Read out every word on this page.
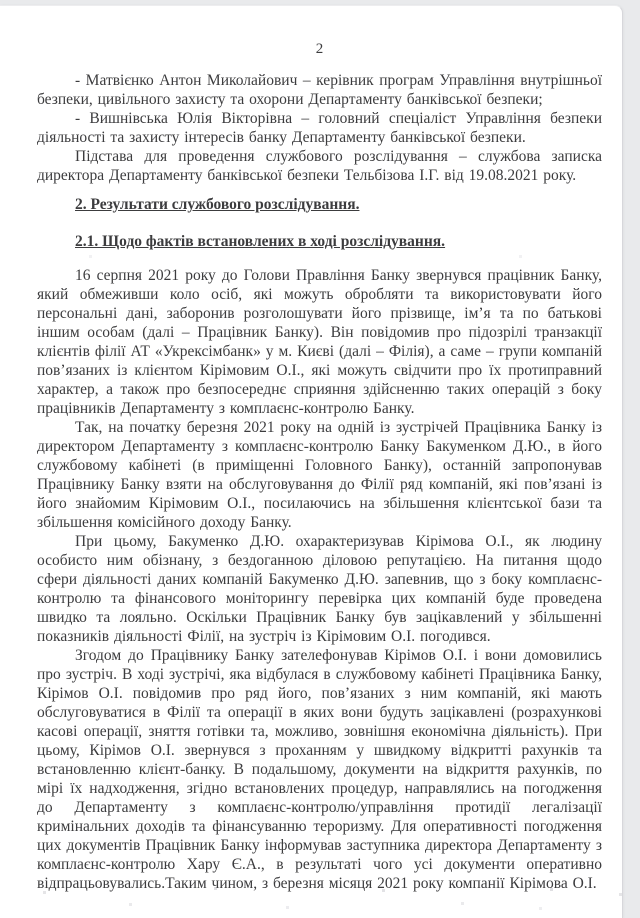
2

- Матвієнко Антон Миколайович – керівник програм Управління внутрішньої безпеки, цивільного захисту та охорони Департаменту банківської безпеки;

- Вишнівська Юлія Вікторівна – головний спеціаліст Управління безпеки діяльності та захисту інтересів банку Департаменту банківської безпеки.

Підстава для проведення службового розслідування – службова записка директора Департаменту банківської безпеки Тельбізова І.Г. від 19.08.2021 року.

2. Результати службового розслідування.

2.1. Щодо фактів встановлених в ході розслідування.

16 серпня 2021 року до Голови Правління Банку звернувся працівник Банку, який обмеживши коло осіб, які можуть обробляти та використовувати його персональні дані, заборонив розголошувати його прізвище, ім’я та по батькові іншим особам (далі – Працівник Банку). Він повідомив про підозрілі транзакції клієнтів філії АТ «Укрексімбанк» у м. Києві (далі – Філія), а саме – групи компаній пов’язаних із клієнтом Кірімовим О.І., які можуть свідчити про їх протиправний характер, а також про безпосереднє сприяння здійсненню таких операцій з боку працівників Департаменту з комплаєнс-контролю Банку.

Так, на початку березня 2021 року на одній із зустрічей Працівника Банку із директором Департаменту з комплаєнс-контролю Банку Бакуменком Д.Ю., в його службовому кабінеті (в приміщенні Головного Банку), останній запропонував Працівнику Банку взяти на обслуговування до Філії ряд компаній, які пов’язані із його знайомим Кірімовим О.І., посилаючись на збільшення клієнтської бази та збільшення комісійного доходу Банку.

При цьому, Бакуменко Д.Ю. охарактеризував Кірімова О.І., як людину особисто ним обізнану, з бездоганною діловою репутацією. На питання щодо сфери діяльності даних компаній Бакуменко Д.Ю. запевнив, що з боку комплаєнс-контролю та фінансового моніторингу перевірка цих компаній буде проведена швидко та лояльно. Оскільки Працівник Банку був зацікавлений у збільшенні показників діяльності Філії, на зустріч із Кірімовим О.І. погодився.

Згодом до Працівнику Банку зателефонував Кірімов О.І. і вони домовились про зустріч. В ході зустрічі, яка відбулася в службовому кабінеті Працівника Банку, Кірімов О.І. повідомив про ряд його, пов’язаних з ним компаній, які мають обслуговуватися в Філії та операції в яких вони будуть зацікавлені (розрахункові касові операції, зняття готівки та, можливо, зовнішня економічна діяльність). При цьому, Кірімов О.І. звернувся з проханням у швидкому відкритті рахунків та встановленню клієнт-банку. В подальшому, документи на відкриття рахунків, по мірі їх надходження, згідно встановлених процедур, направлялись на погодження до Департаменту з комплаєнс-контролю/управління протидії легалізації кримінальних доходів та фінансуванню тероризму. Для оперативності погодження цих документів Працівник Банку інформував заступника директора Департаменту з комплаєнс-контролю Хару Є.А., в результаті чого усі документи оперативно відпрацьовувались.Таким чином, з березня місяця 2021 року компанії Кірімова О.І.
